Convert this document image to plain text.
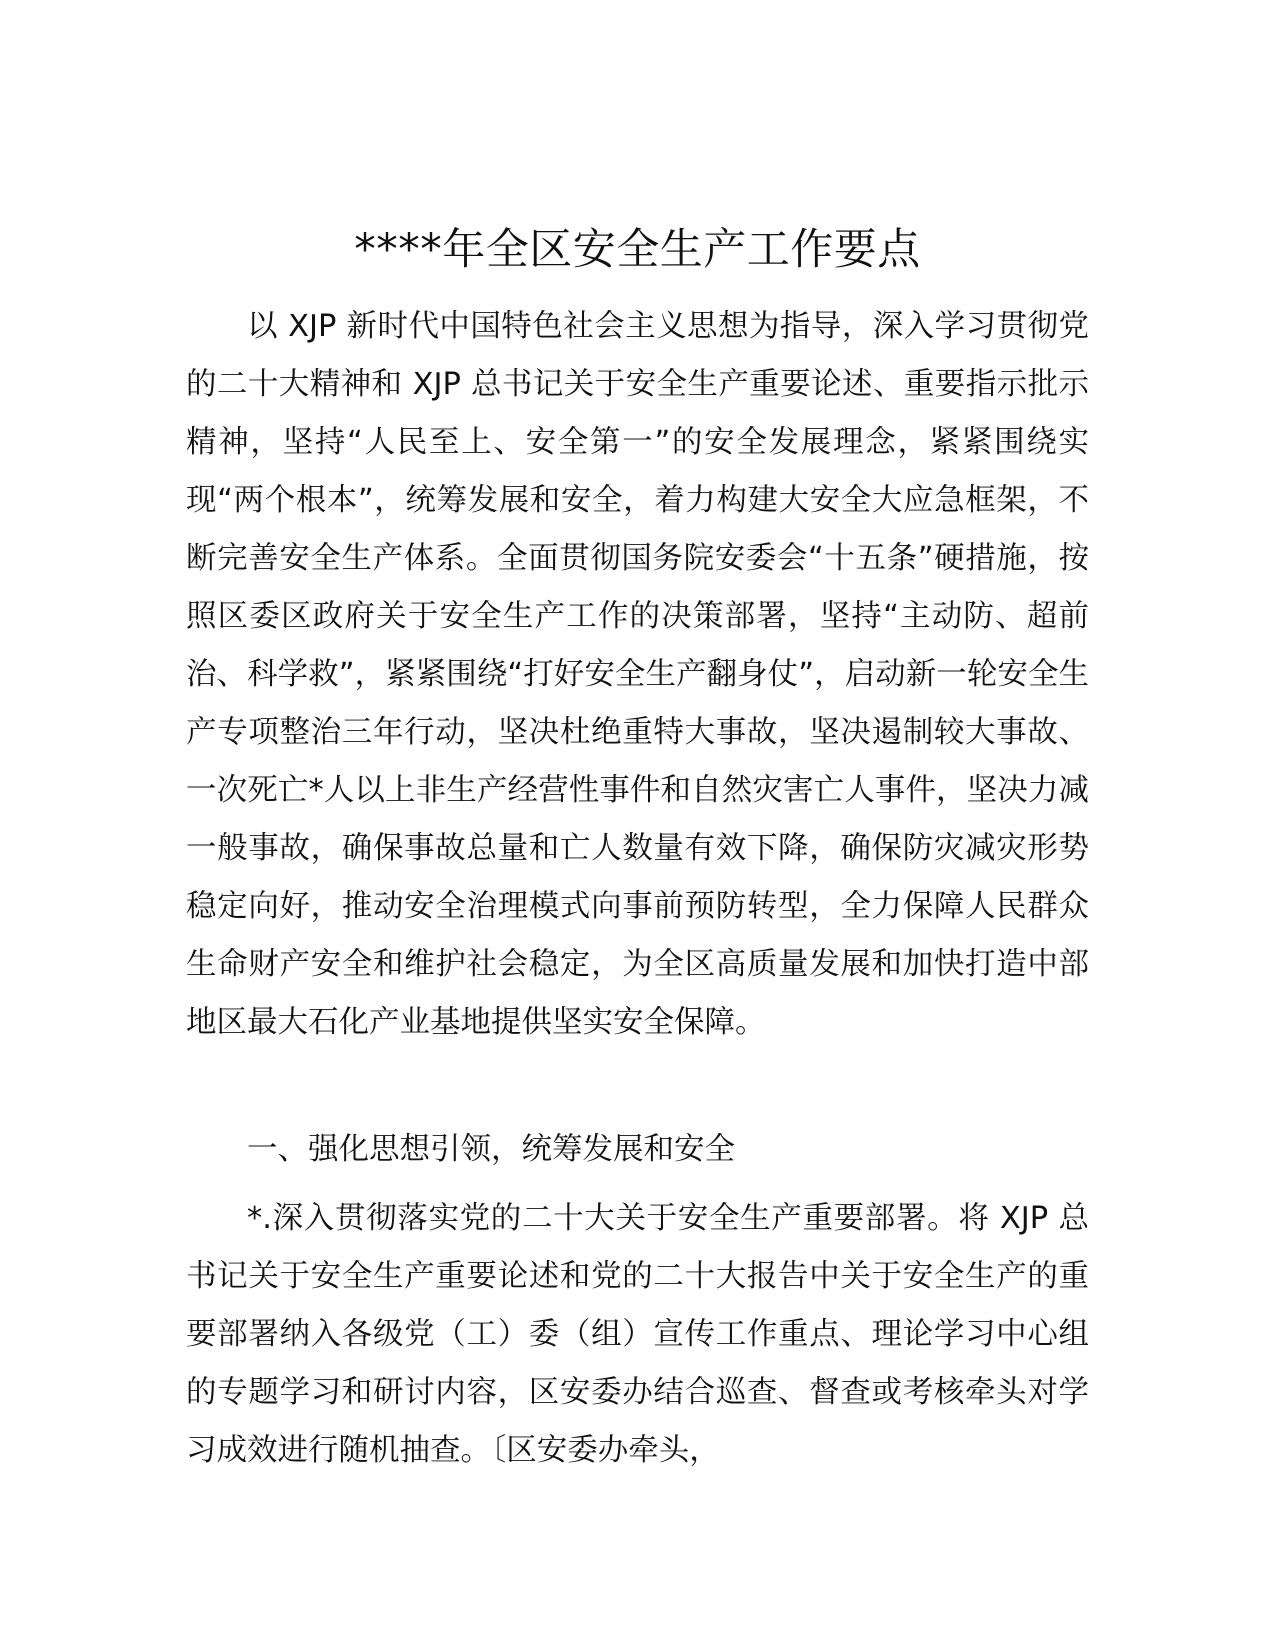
****年全区安全生产工作要点

以 XJP 新时代中国特色社会主义思想为指导，深入学习贯彻党的二十大精神和 XJP 总书记关于安全生产重要论述、重要指示批示精神，坚持“人民至上、安全第一”的安全发展理念，紧紧围绕实现“两个根本”，统筹发展和安全，着力构建大安全大应急框架，不断完善安全生产体系。全面贯彻国务院安委会“十五条”硬措施，按照区委区政府关于安全生产工作的决策部署，坚持“主动防、超前治、科学救”，紧紧围绕“打好安全生产翻身仗”，启动新一轮安全生产专项整治三年行动，坚决杜绝重特大事故，坚决遏制较大事故、一次死亡*人以上非生产经营性事件和自然灾害亡人事件，坚决力减一般事故，确保事故总量和亡人数量有效下降，确保防灾减灾形势稳定向好，推动安全治理模式向事前预防转型，全力保障人民群众生命财产安全和维护社会稳定，为全区高质量发展和加快打造中部地区最大石化产业基地提供坚实安全保障。

一、强化思想引领，统筹发展和安全

*.深入贯彻落实党的二十大关于安全生产重要部署。将 XJP 总书记关于安全生产重要论述和党的二十大报告中关于安全生产的重要部署纳入各级党（工）委（组）宣传工作重点、理论学习中心组的专题学习和研讨内容，区安委办结合巡查、督查或考核牵头对学习成效进行随机抽查。〔区安委办牵头，
